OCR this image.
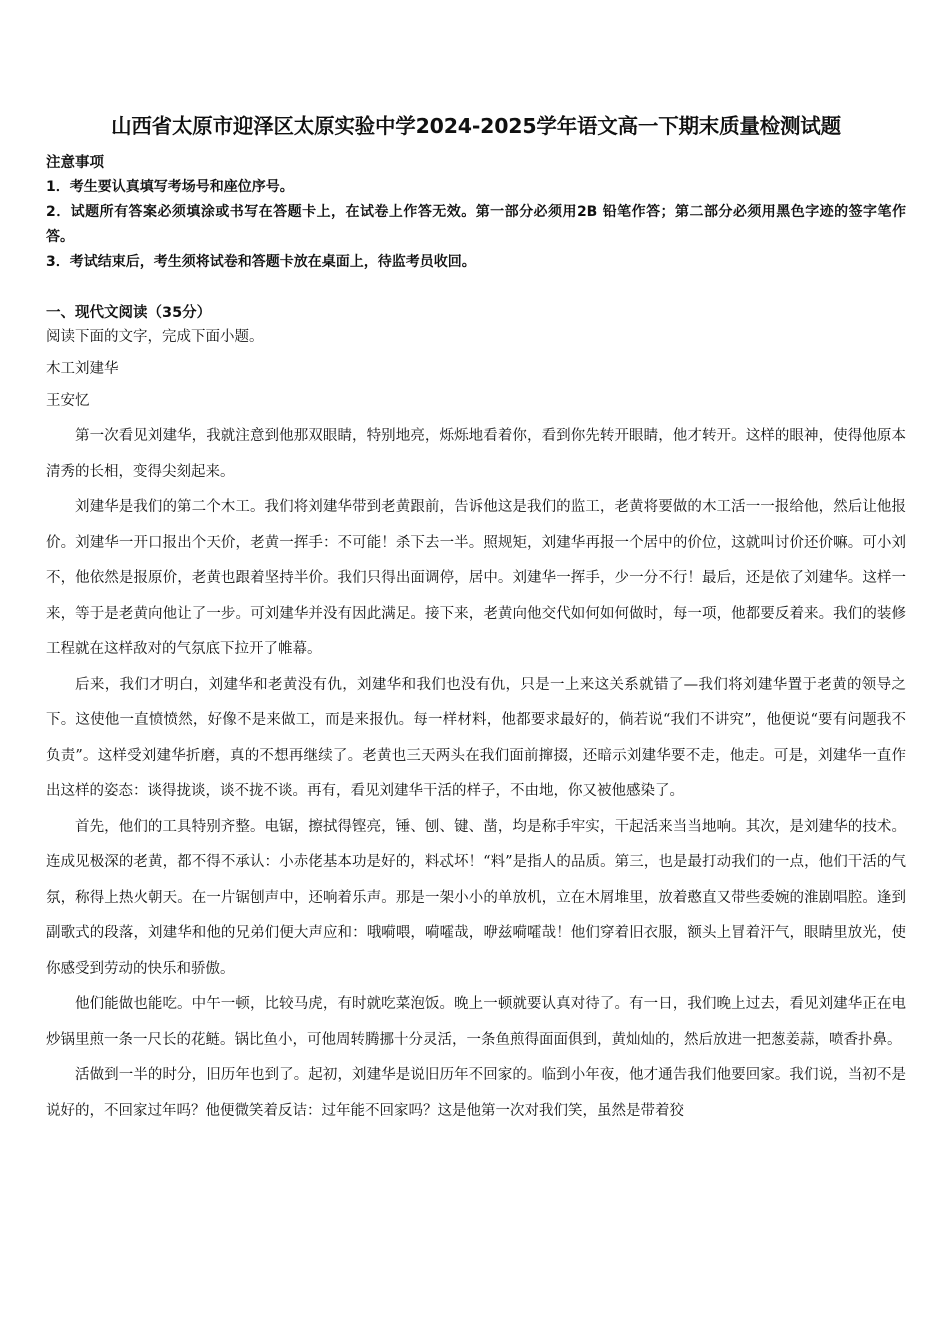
山西省太原市迎泽区太原实验中学2024-2025学年语文高一下期末质量检测试题

注意事项

1．考生要认真填写考场号和座位序号。

2．试题所有答案必须填涂或书写在答题卡上，在试卷上作答无效。第一部分必须用2B 铅笔作答；第二部分必须用黑色字迹的签字笔作答。

3．考试结束后，考生须将试卷和答题卡放在桌面上，待监考员收回。

一、现代文阅读（35分）

阅读下面的文字，完成下面小题。

木工刘建华

王安忆

第一次看见刘建华，我就注意到他那双眼睛，特别地亮，烁烁地看着你，看到你先转开眼睛，他才转开。这样的眼神，使得他原本清秀的长相，变得尖刻起来。

刘建华是我们的第二个木工。我们将刘建华带到老黄跟前，告诉他这是我们的监工，老黄将要做的木工活一一报给他，然后让他报价。刘建华一开口报出个天价，老黄一挥手：不可能！杀下去一半。照规矩，刘建华再报一个居中的价位，这就叫讨价还价嘛。可小刘不，他依然是报原价，老黄也跟着坚持半价。我们只得出面调停，居中。刘建华一挥手，少一分不行！最后，还是依了刘建华。这样一来，等于是老黄向他让了一步。可刘建华并没有因此满足。接下来，老黄向他交代如何如何做时，每一项，他都要反着来。我们的装修工程就在这样敌对的气氛底下拉开了帷幕。

后来，我们才明白，刘建华和老黄没有仇，刘建华和我们也没有仇，只是一上来这关系就错了—我们将刘建华置于老黄的领导之下。这使他一直愤愤然，好像不是来做工，而是来报仇。每一样材料，他都要求最好的，倘若说“我们不讲究”，他便说“要有问题我不负责”。这样受刘建华折磨，真的不想再继续了。老黄也三天两头在我们面前撺掇，还暗示刘建华要不走，他走。可是，刘建华一直作出这样的姿态：谈得拢谈，谈不拢不谈。再有，看见刘建华干活的样子，不由地，你又被他感染了。

首先，他们的工具特别齐整。电锯，擦拭得铿亮，锤、刨、键、凿，均是称手牢实，干起活来当当地响。其次，是刘建华的技术。连成见极深的老黄，都不得不承认：小赤佬基本功是好的，料忒坏！“料”是指人的品质。第三，也是最打动我们的一点，他们干活的气氛，称得上热火朝天。在一片锯刨声中，还响着乐声。那是一架小小的单放机，立在木屑堆里，放着憨直又带些委婉的淮剧唱腔。逢到副歌式的段落，刘建华和他的兄弟们便大声应和：哦嗬喂，嗬嚯哉，咿兹嗬嚯哉！他们穿着旧衣服，额头上冒着汗气，眼睛里放光，使你感受到劳动的快乐和骄傲。

他们能做也能吃。中午一顿，比较马虎，有时就吃菜泡饭。晚上一顿就要认真对待了。有一日，我们晚上过去，看见刘建华正在电炒锅里煎一条一尺长的花鲢。锅比鱼小，可他周转腾挪十分灵活，一条鱼煎得面面俱到，黄灿灿的，然后放进一把葱姜蒜，喷香扑鼻。

活做到一半的时分，旧历年也到了。起初，刘建华是说旧历年不回家的。临到小年夜，他才通告我们他要回家。我们说，当初不是说好的，不回家过年吗？他便微笑着反诘：过年能不回家吗？这是他第一次对我们笑，虽然是带着狡
